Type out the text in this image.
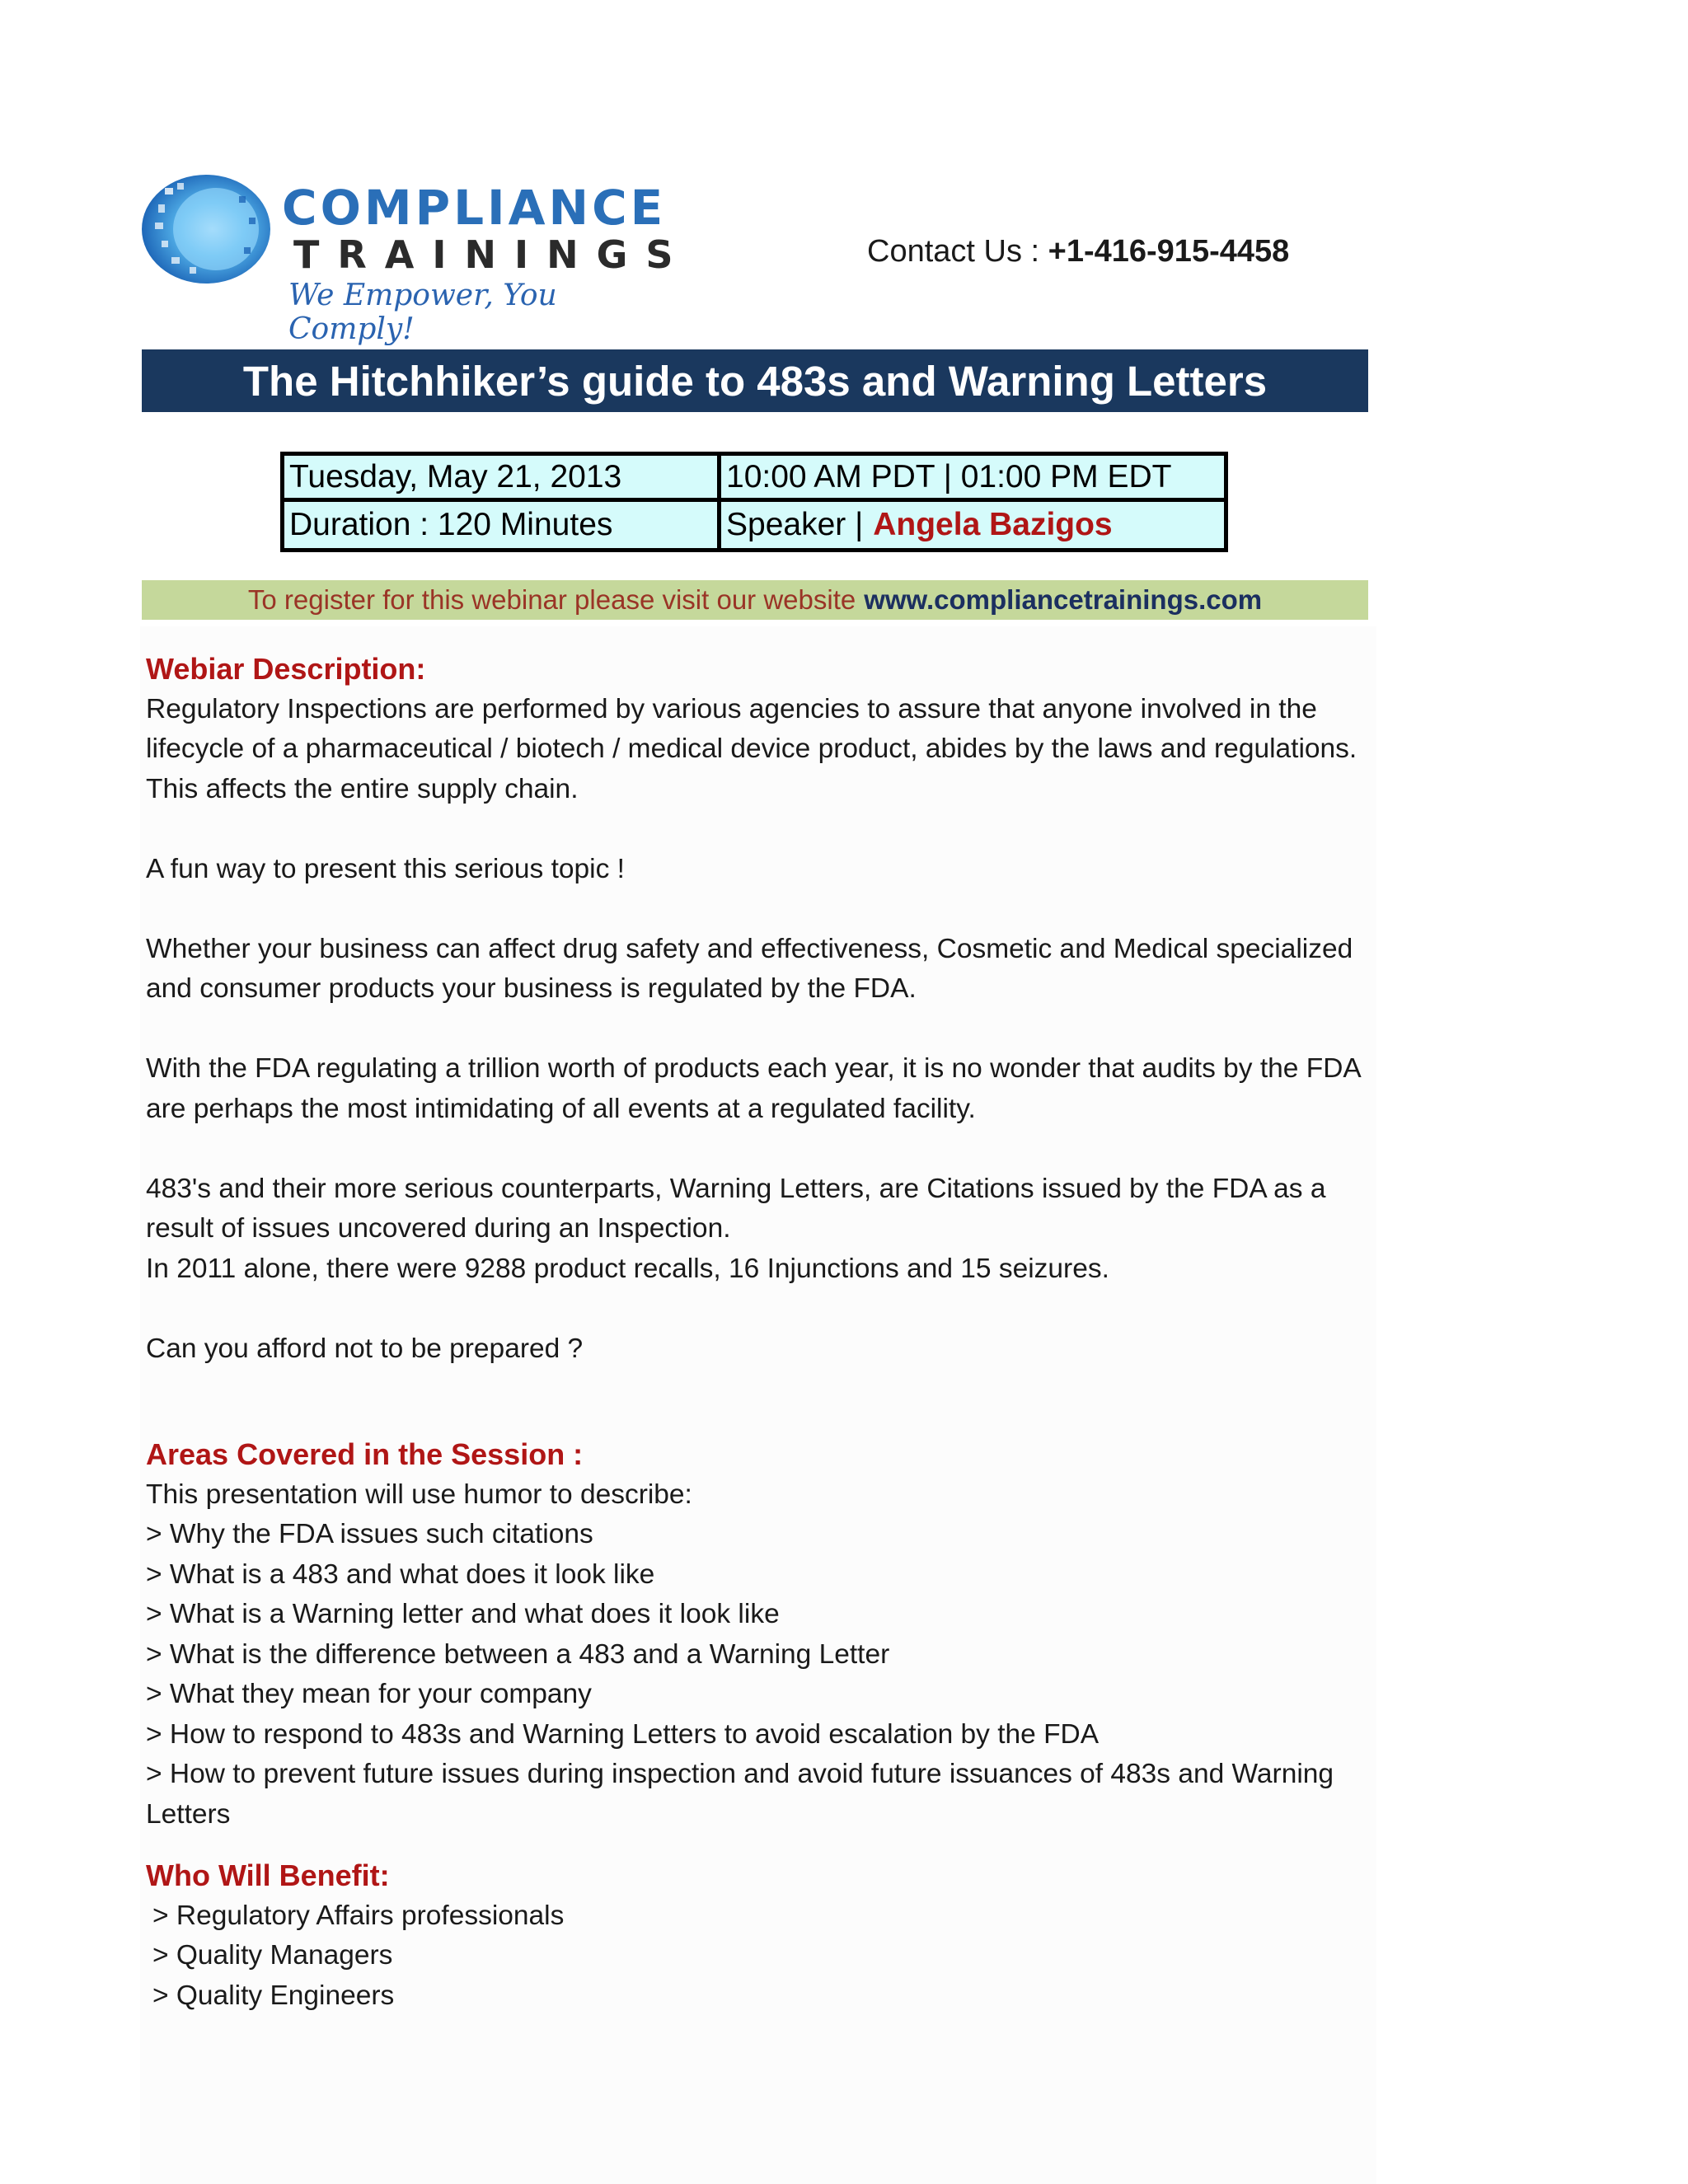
COMPLIANCE
TRAININGS
We Empower, You Comply!
Contact Us : +1-416-915-4458
The Hitchhiker’s guide to 483s and Warning Letters
Tuesday, May 21, 2013	10:00 AM PDT | 01:00 PM EDT
Duration : 120 Minutes	Speaker | Angela Bazigos
To register for this webinar please visit our website www.compliancetrainings.com
Webiar Description:

Regulatory Inspections are performed by various agencies to assure that anyone involved in the lifecycle of a pharmaceutical / biotech / medical device product, abides by the laws and regulations. This affects the entire supply chain.

A fun way to present this serious topic !

Whether your business can affect drug safety and effectiveness, Cosmetic and Medical specialized and consumer products your business is regulated by the FDA.

With the FDA regulating a trillion worth of products each year, it is no wonder that audits by the FDA are perhaps the most intimidating of all events at a regulated facility.

483's and their more serious counterparts, Warning Letters, are Citations issued by the FDA as a result of issues uncovered during an Inspection.

In 2011 alone, there were 9288 product recalls, 16 Injunctions and 15 seizures.

Can you afford not to be prepared ?

Areas Covered in the Session :

This presentation will use humor to describe:

> Why the FDA issues such citations
> What is a 483 and what does it look like
> What is a Warning letter and what does it look like
> What is the difference between a 483 and a Warning Letter
> What they mean for your company
> How to respond to 483s and Warning Letters to avoid escalation by the FDA
> How to prevent future issues during inspection and avoid future issuances of 483s and Warning Letters
Who Will Benefit:
> Regulatory Affairs professionals
> Quality Managers
> Quality Engineers
